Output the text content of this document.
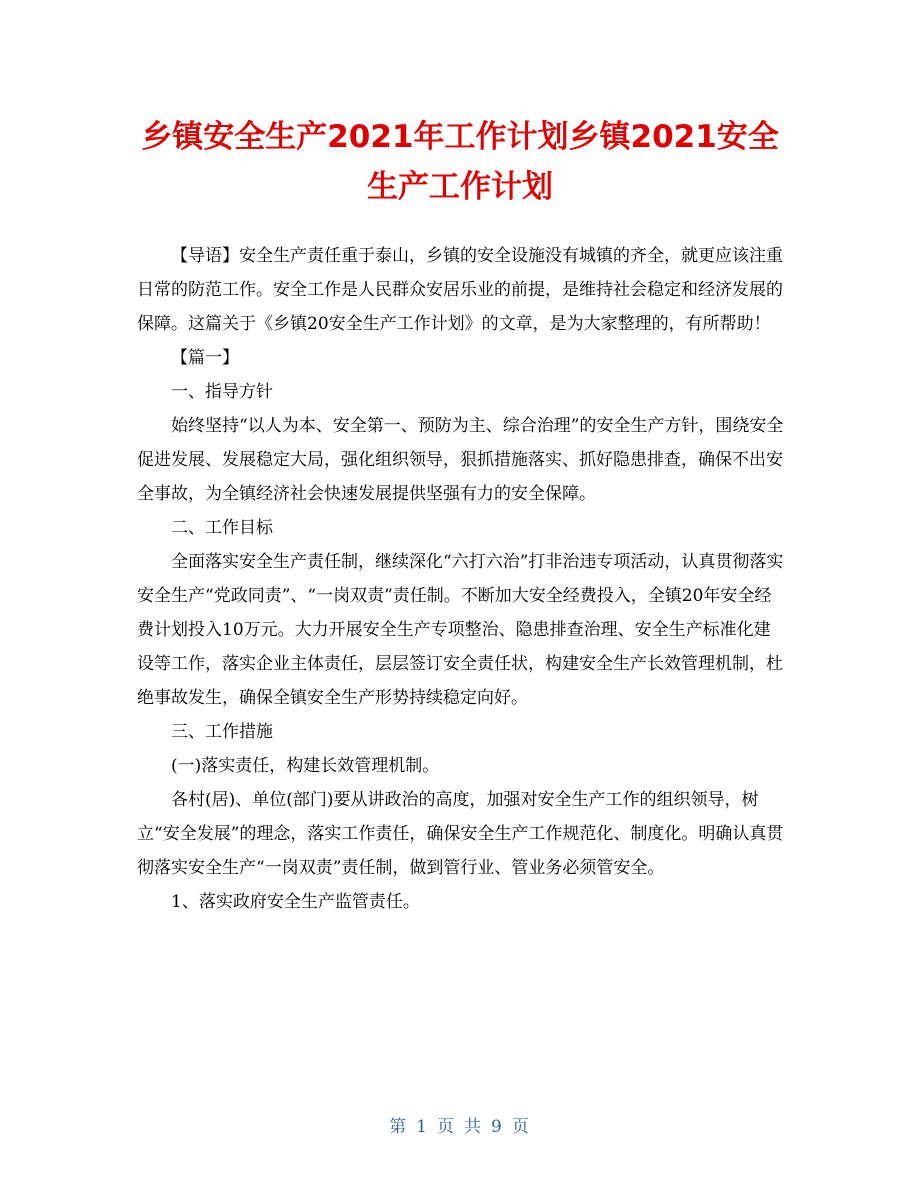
乡镇安全生产2021年工作计划乡镇2021安全
生产工作计划

【导语】安全生产责任重于泰山，乡镇的安全设施没有城镇的齐全，就更应该注重日常的防范工作。安全工作是人民群众安居乐业的前提，是维持社会稳定和经济发展的保障。这篇关于《乡镇20安全生产工作计划》的文章，是为大家整理的，有所帮助！

【篇一】

一、指导方针

始终坚持“以人为本、安全第一、预防为主、综合治理”的安全生产方针，围绕安全促进发展、发展稳定大局，强化组织领导，狠抓措施落实、抓好隐患排查，确保不出安全事故，为全镇经济社会快速发展提供坚强有力的安全保障。

二、工作目标

全面落实安全生产责任制，继续深化“六打六治”打非治违专项活动，认真贯彻落实安全生产“党政同责”、“一岗双责”责任制。不断加大安全经费投入，全镇20年安全经费计划投入10万元。大力开展安全生产专项整治、隐患排查治理、安全生产标准化建设等工作，落实企业主体责任，层层签订安全责任状，构建安全生产长效管理机制，杜绝事故发生，确保全镇安全生产形势持续稳定向好。

三、工作措施

(一)落实责任，构建长效管理机制。

各村(居)、单位(部门)要从讲政治的高度，加强对安全生产工作的组织领导，树立“安全发展”的理念，落实工作责任，确保安全生产工作规范化、制度化。明确认真贯彻落实安全生产“一岗双责”责任制，做到管行业、管业务必须管安全。

1、落实政府安全生产监管责任。

第 1 页 共 9 页
